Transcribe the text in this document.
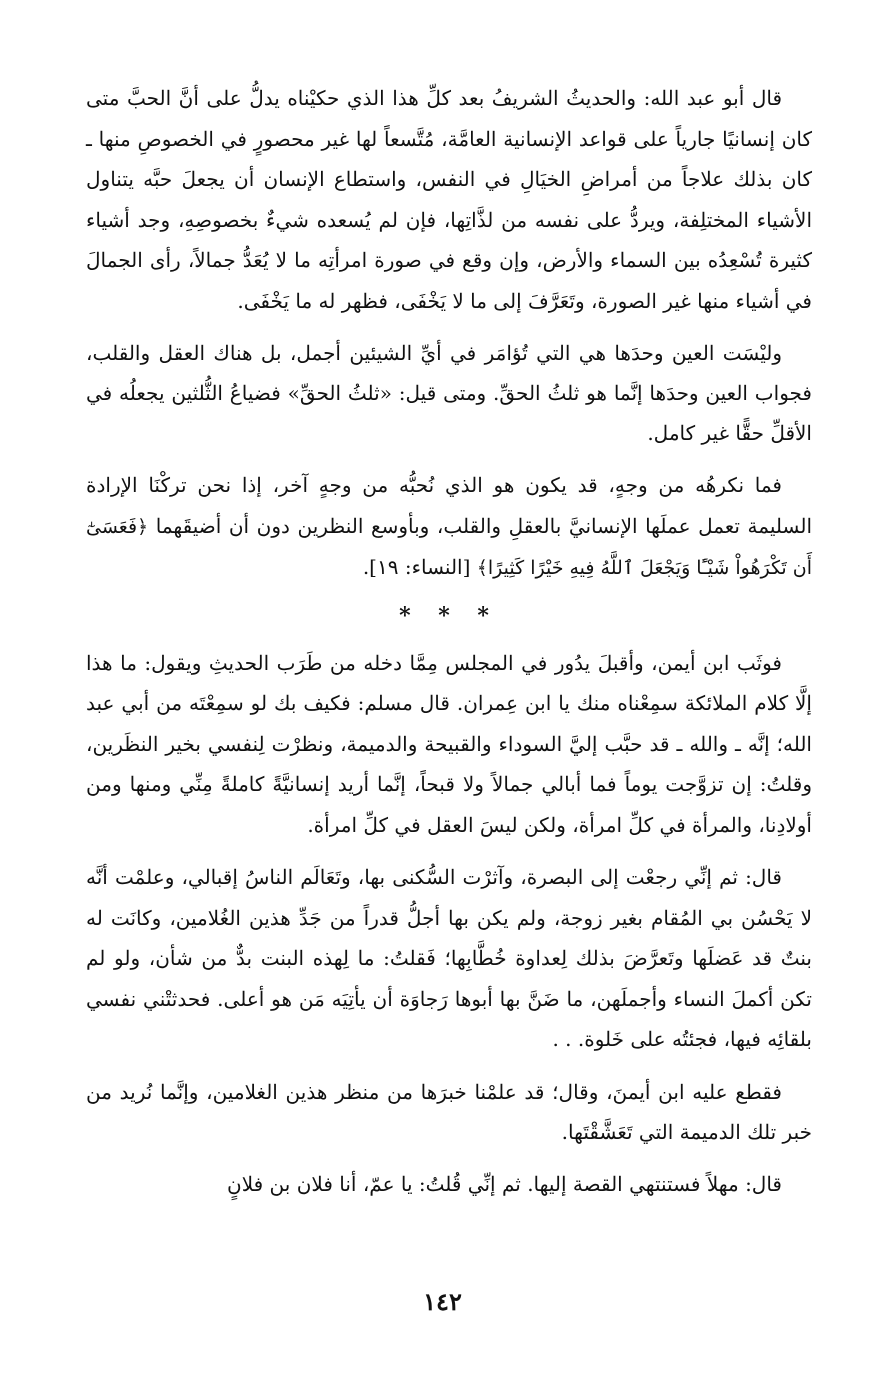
قال أبو عبد الله: والحديثُ الشريفُ بعد كلِّ هذا الذي حكيْناه يدلُّ على أنَّ الحبَّ متى كان إنسانيًا جارياً على قواعد الإنسانية العامَّة، مُتَّسعاً لها غير محصورٍ في الخصوصِ منها ـ كان بذلك علاجاً من أمراضِ الخيَالِ في النفس، واستطاع الإنسان أن يجعلَ حبَّه يتناول الأشياء المختلِفة، ويردُّ على نفسه من لذَّاتِها، فإن لم يُسعده شيءٌ بخصوصِهِ، وجد أشياء كثيرة تُسْعِدُه بين السماء والأرض، وإن وقع في صورة امرأتِه ما لا يُعَدُّ جمالاً، رأى الجمالَ في أشياء منها غير الصورة، وتَعَرَّفَ إلى ما لا يَخْفَى، فظهر له ما يَخْفَى.

وليْسَت العين وحدَها هي التي تُؤامَر في أيِّ الشيئين أجمل، بل هناك العقل والقلب، فجواب العين وحدَها إنَّما هو ثلثُ الحقِّ. ومتى قيل: «ثلثُ الحقِّ» فضياعُ الثُّلثين يجعلُه في الأقلِّ حقًّا غير كامل.

فما نكرهُه من وجهٍ، قد يكون هو الذي نُحبُّه من وجهٍ آخر، إذا نحن تركْنَا الإرادة السليمة تعمل عملَها الإنسانيَّ بالعقلِ والقلب، وبأوسع النظرين دون أن أضيقَهما ﴿فَعَسَىٰٓ أَن تَكْرَهُواْ شَيْـًٔا وَيَجْعَلَ ٱللَّهُ فِيهِ خَيْرًا كَثِيرًا﴾ [النساء: ١٩].

* * *

فوثَب ابن أيمن، وأقبلَ يدُور في المجلس مِمَّا دخله من طَرَب الحديثِ ويقول: ما هذا إلَّا كلام الملائكة سمِعْناه منك يا ابن عِمران. قال مسلم: فكيف بك لو سمِعْتَه من أبي عبد الله؛ إنَّه ـ والله ـ قد حبَّب إليَّ السوداء والقبيحة والدميمة، ونظرْت لِنفسي بخير النظَرين، وقلتُ: إن تزوَّجت يوماً فما أبالي جمالاً ولا قبحاً، إنَّما أريد إنسانيَّةً كاملةً مِنِّي ومنها ومن أولادِنا، والمرأة في كلِّ امرأة، ولكن ليسَ العقل في كلِّ امرأة.

قال: ثم إنِّي رجعْت إلى البصرة، وآثرْت السُّكنى بها، وتَعَالَم الناسُ إقبالي، وعلمْت أنَّه لا يَحْسُن بي المُقام بغير زوجة، ولم يكن بها أجلُّ قدراً من جَدِّ هذين الغُلامين، وكانَت له بنتٌ قد عَضلَها وتَعرَّضَ بذلك لِعداوة خُطَّابِها؛ فَقلتُ: ما لِهذه البنت بدٌّ من شأن، ولو لم تكن أكملَ النساء وأجملَهن، ما ضَنَّ بها أبوها رَجاوَة أن يأتِيَه مَن هو أعلى. فحدثتْني نفسي بلقائِه فيها، فجئتُه على خَلوة. . .

فقطع عليه ابن أيمنَ، وقال؛ قد علمْنا خبرَها من منظر هذين الغلامين، وإنَّما نُريد من خبر تلك الدميمة التي تَعَشَّقْتَها.

قال: مهلاً فستنتهي القصة إليها. ثم إنِّي قُلتُ: يا عمّ، أنا فلان بن فلانٍ

١٤٢
